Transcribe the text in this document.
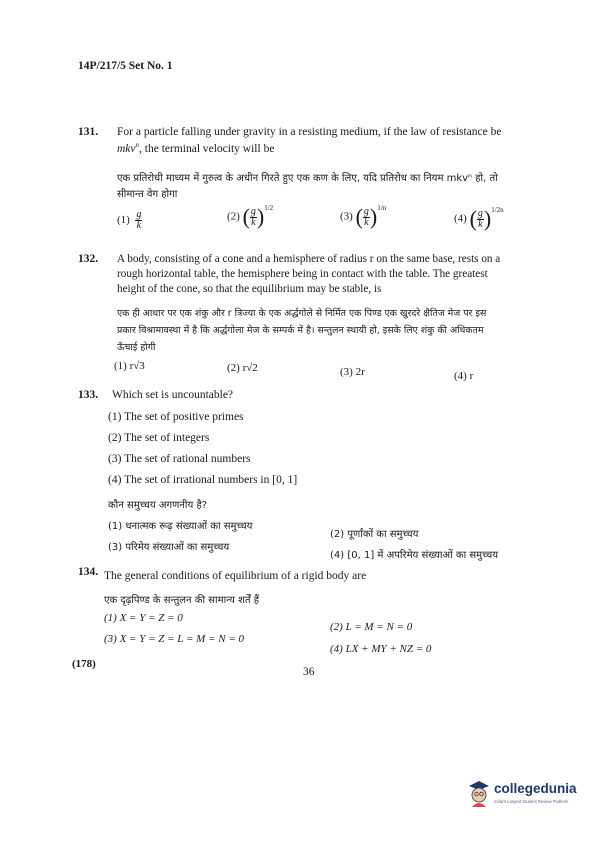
14P/217/5 Set No. 1
131. For a particle falling under gravity in a resisting medium, if the law of resistance be
mkv$^n$, the terminal velocity will be
एक प्रतिरोधी माध्यम में गुरुत्व के अधीन गिरते हुए एक कण के लिए, यदि प्रतिरोध का नियम mkvⁿ हो, तो
सीमान्त वेग होगा
$(1) \frac{g}{k}$	(2) ( $\frac{g}{k} )^{1/2}$
(3) ( $\frac{g}{k} )^{1/n}$
(4) ( $\frac{g}{k} )^{1/2n}$
132. A body, consisting of a cone and a hemisphere of radius r on the same base, rests on a
rough horizontal table, the hemisphere being in contact with the table. The greatest
height of the cone, so that the equilibrium may be stable, is
एक ही आधार पर एक शंकु और r त्रिज्या के एक अर्द्धगोले से निर्मित एक पिण्ड एक खुरदरे क्षैतिज मेज पर इस
प्रकार विश्रामावस्था में है कि अर्द्धगोला मेज के सम्पर्क में है। सन्तुलन स्थायी हो, इसके लिए शंकु की अधिकतम
ऊँचाई होगी
(1) r√3	(2) r√2	(3) 2r	(4) r
133. Which set is uncountable?
(1) The set of positive primes
(2) The set of integers
(3) The set of rational numbers
(4) The set of irrational numbers in [0, 1]
कौन समुच्चय अगणनीय है?
(1) धनात्मक रूढ़ संख्याओं का समुच्चय
(2) पूर्णांकों का समुच्चय
(3) परिमेय संख्याओं का समुच्चय
(4) [0, 1] में अपरिमेय संख्याओं का समुच्चय
134. The general conditions of equilibrium of a rigid body are
एक दृढ़पिण्ड के सन्तुलन की सामान्य शर्तें हैं
(1) X = Y = Z = 0
(2) L = M = N = 0
(3) X = Y = Z = L = M = N = 0
(4) LX + MY + NZ = 0
(178)
36
collegedunia
India's Largest Student Review Platform
